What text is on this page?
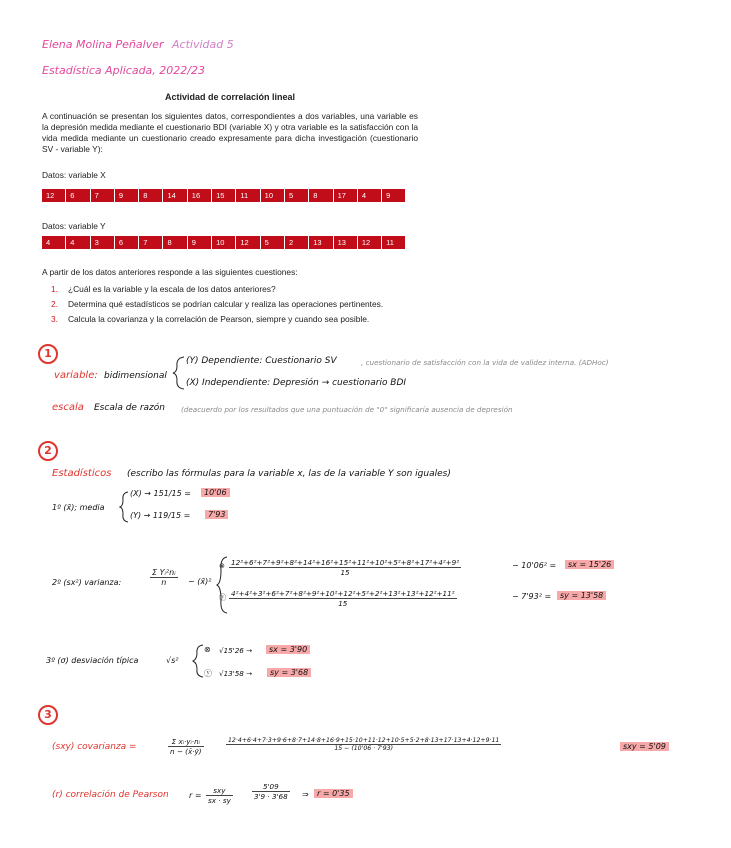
Elena Molina Peñalver Actividad 5
Estadística Aplicada, 2022/23
Actividad de correlación lineal
A continuación se presentan los siguientes datos, correspondientes a dos variables, una variable es la depresión medida mediante el cuestionario BDI (variable X) y otra variable es la satisfacción con la vida medida mediante un cuestionario creado expresamente para dicha investigación (cuestionario SV - variable Y):
Datos: variable X
12	6	7	9	8	14	16	15	11	10	5	8	17	4	9
Datos: variable Y
4	4	3	6	7	8	9	10	12	5	2	13	13	12	11
A partir de los datos anteriores responde a las siguientes cuestiones:
1. ¿Cuál es la variable y la escala de los datos anteriores?
2. Determina qué estadísticos se podrían calcular y realiza las operaciones pertinentes.
3. Calcula la covarianza y la correlación de Pearson, siempre y cuando sea posible.
1
variable: bidimensional
(Y) Dependiente: Cuestionario SV	, cuestionario de satisfacción con la vida de validez interna. (ADHoc)
(X) Independiente: Depresión → cuestionario BDI
escala Escala de razón (deacuerdo por los resultados que una puntuación de "0" significaría ausencia de depresión
2
Estadísticos (escribo las fórmulas para la variable x, las de la variable Y son iguales)
1º (x̄); media
(X) → 151/15 =	10'06
(Y) → 119/15 =	7'93
2º (sx²) varianza:	$\frac{\text{Σ Yᵢ²nᵢ}}{n}$ − (x̄)²
⊗ $\frac{\text{12²+6²+7²+9²+8²+14²+16²+15²+11²+10²+5²+8²+17²+4²+9²}}{15}$	− 10'06² =	sx = 15'26
ⓨ $\frac{\text{4²+4²+3²+6²+7²+8²+9²+10²+12²+5²+2²+13²+13²+12²+11²}}{15}$	− 7'93² =	sy = 13'58
3º (σ) desviación típica	√s²
⊗ √15'26 →	sx = 3'90
ⓨ √13'58 →	sy = 3'68
3
(sxy) covarianza =	$\frac{\text{Σ xᵢ·yᵢ·nᵢ}}{n - (x̄\cdot ȳ)}$	12·4+6·4+7·3+9·6+8·7+14·8+16·9+15·10+11·12+10·5+5·2+8·13+17·13+4·12+9·11
15 − (10'06 · 7'93)	sxy = 5'09
(r) correlación de Pearson	r =
sxy
sx · sy	$\frac{5'09}{3'9 \cdot 3'68}$ ⇒	r = 0'35
